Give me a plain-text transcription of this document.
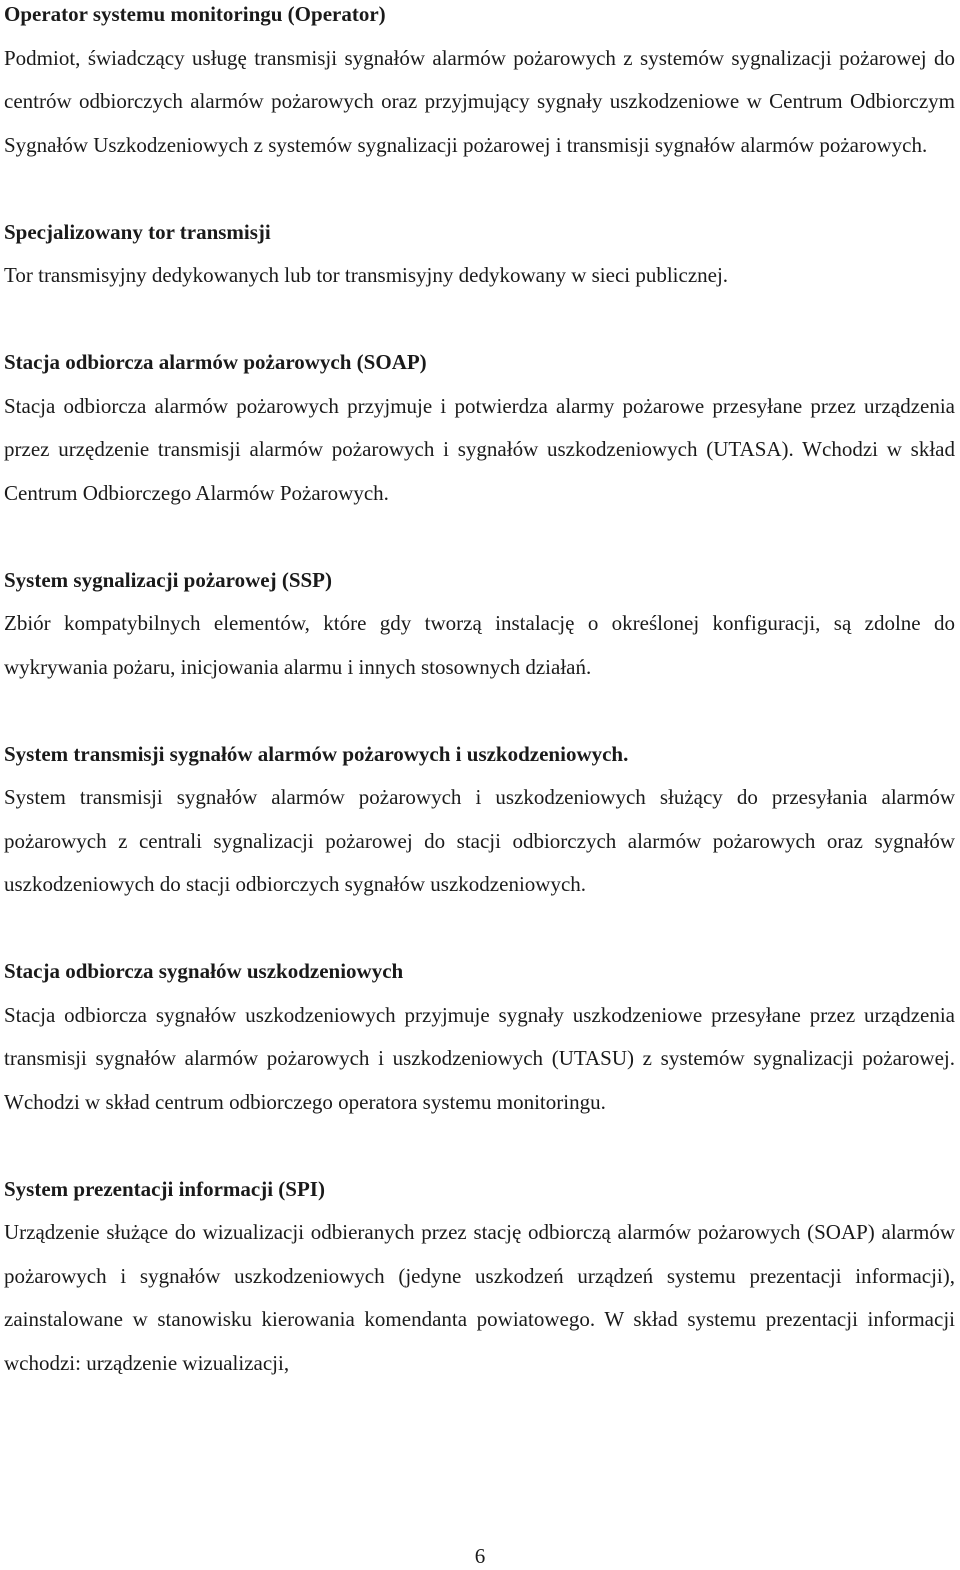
Operator systemu monitoringu (Operator)

Podmiot, świadczący usługę transmisji sygnałów alarmów pożarowych z systemów sygnalizacji pożarowej do centrów odbiorczych alarmów pożarowych oraz przyjmujący sygnały uszkodzeniowe w Centrum Odbiorczym Sygnałów Uszkodzeniowych z systemów sygnalizacji pożarowej i transmisji sygnałów alarmów pożarowych.

Specjalizowany tor transmisji

Tor transmisyjny dedykowanych lub tor transmisyjny dedykowany w sieci publicznej.

Stacja odbiorcza alarmów pożarowych (SOAP)

Stacja odbiorcza alarmów pożarowych przyjmuje i potwierdza alarmy pożarowe przesyłane przez urządzenia przez urzędzenie transmisji alarmów pożarowych i sygnałów uszkodzeniowych (UTASA). Wchodzi w skład Centrum Odbiorczego Alarmów Pożarowych.

System sygnalizacji pożarowej (SSP)

Zbiór kompatybilnych elementów, które gdy tworzą instalację o określonej konfiguracji, są zdolne do wykrywania pożaru, inicjowania alarmu i innych stosownych działań.

System transmisji sygnałów alarmów pożarowych i uszkodzeniowych.

System transmisji sygnałów alarmów pożarowych i uszkodzeniowych służący do przesyłania alarmów pożarowych z centrali sygnalizacji pożarowej do stacji odbiorczych alarmów pożarowych oraz sygnałów uszkodzeniowych do stacji odbiorczych sygnałów uszkodzeniowych.

Stacja odbiorcza sygnałów uszkodzeniowych

Stacja odbiorcza sygnałów uszkodzeniowych przyjmuje sygnały uszkodzeniowe przesyłane przez urządzenia transmisji sygnałów alarmów pożarowych i uszkodzeniowych (UTASU) z systemów sygnalizacji pożarowej. Wchodzi w skład centrum odbiorczego operatora systemu monitoringu.

System prezentacji informacji (SPI)

Urządzenie służące do wizualizacji odbieranych przez stację odbiorczą alarmów pożarowych (SOAP) alarmów pożarowych i sygnałów uszkodzeniowych (jedyne uszkodzeń urządzeń systemu prezentacji informacji), zainstalowane w stanowisku kierowania komendanta powiatowego. W skład systemu prezentacji informacji wchodzi: urządzenie wizualizacji,

6
